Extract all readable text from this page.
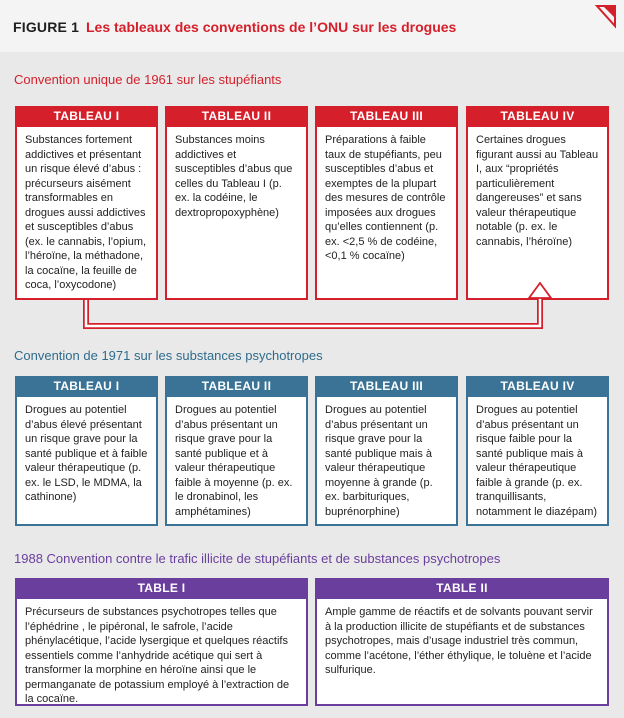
FIGURE 1 Les tableaux des conventions de l’ONU sur les drogues
Convention unique de 1961 sur les stupéfiants
TABLEAU I
Substances fortement addictives et présentant un risque élevé d’abus : précurseurs aisément transformables en drogues aussi addictives et susceptibles d’abus (ex. le cannabis, l’opium, l’héroïne, la méthadone, la cocaïne, la feuille de coca, l’oxycodone)
TABLEAU II
Substances moins addictives et susceptibles d’abus que celles du Tableau I (p. ex. la codéine, le dextropropoxyphène)
TABLEAU III
Préparations à faible taux de stupéfiants, peu susceptibles d’abus et exemptes de la plupart des mesures de contrôle imposées aux drogues qu’elles contiennent (p. ex. <2,5 % de codéine, <0,1 % cocaïne)
TABLEAU IV
Certaines drogues figurant aussi au Tableau I, aux “propriétés particulièrement dangereuses” et sans valeur thérapeutique notable (p. ex. le cannabis, l’héroïne)
Convention de 1971 sur les substances psychotropes
TABLEAU I
Drogues au potentiel d’abus élevé présentant un risque grave pour la santé publique et à faible valeur thérapeutique (p. ex. le LSD, le MDMA, la cathinone)
TABLEAU II
Drogues au potentiel d’abus présentant un risque grave pour la santé publique et à valeur thérapeutique faible à moyenne (p. ex. le dronabinol, les amphétamines)
TABLEAU III
Drogues au potentiel d’abus présentant un risque grave pour la santé publique mais à valeur thérapeutique moyenne à grande (p. ex. barbituriques, buprénorphine)
TABLEAU IV
Drogues au potentiel d’abus présentant un risque faible pour la santé publique mais à valeur thérapeutique faible à grande (p. ex. tranquillisants, notamment le diazépam)
1988 Convention contre le trafic illicite de stupéfiants et de substances psychotropes
TABLE I
Précurseurs de substances psychotropes telles que l’éphédrine , le pipéronal, le safrole, l’acide phénylacétique, l’acide lysergique et quelques réactifs essentiels comme l’anhydride acétique qui sert à transformer la morphine en héroïne ainsi que le permanganate de potassium employé à l’extraction de la cocaïne.
TABLE II
Ample gamme de réactifs et de solvants pouvant servir à la production illicite de stupéfiants et de substances psychotropes, mais d’usage industriel très commun, comme l’acétone, l’éther éthylique, le toluène et l’acide sulfurique.
